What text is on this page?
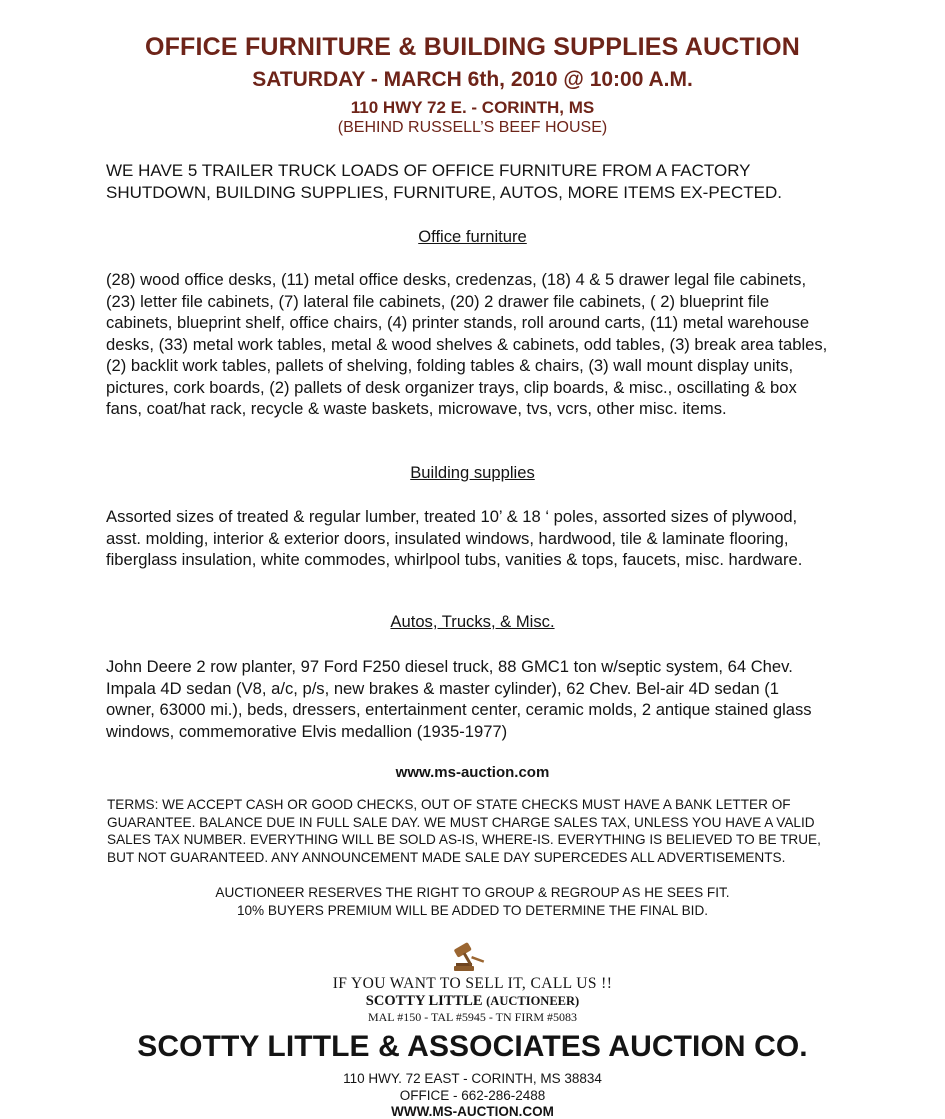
OFFICE FURNITURE & BUILDING SUPPLIES AUCTION
SATURDAY - MARCH 6th, 2010 @ 10:00 A.M.
110 HWY 72 E. - CORINTH, MS
(BEHIND RUSSELL’S BEEF HOUSE)
WE HAVE 5 TRAILER TRUCK LOADS OF OFFICE FURNITURE FROM A FACTORY SHUTDOWN, BUILDING SUPPLIES, FURNITURE, AUTOS, MORE ITEMS EX-PECTED.
Office furniture
(28) wood office desks, (11) metal office desks, credenzas, (18) 4 & 5 drawer legal file cabinets, (23) letter file cabinets, (7) lateral file cabinets, (20) 2 drawer file cabinets, ( 2) blueprint file cabinets, blueprint shelf, office chairs, (4) printer stands, roll around carts, (11) metal warehouse desks, (33) metal work tables, metal & wood shelves & cabinets, odd tables, (3) break area tables, (2) backlit work tables, pallets of shelving, folding tables & chairs, (3) wall mount display units, pictures, cork boards, (2) pallets of desk organizer trays, clip boards, & misc., oscillating & box fans, coat/hat rack, recycle & waste baskets, microwave, tvs, vcrs, other misc. items.
Building supplies
Assorted sizes of treated & regular lumber, treated 10’ & 18 ‘ poles, assorted sizes of plywood, asst. molding, interior & exterior doors, insulated windows, hardwood, tile & laminate flooring, fiberglass insulation, white commodes, whirlpool tubs, vanities & tops, faucets, misc. hardware.
Autos, Trucks, & Misc.
John Deere 2 row planter, 97 Ford F250 diesel truck, 88 GMC1 ton w/septic system, 64 Chev. Impala 4D sedan (V8, a/c, p/s, new brakes & master cylinder), 62 Chev. Bel-air 4D sedan (1 owner, 63000 mi.), beds, dressers, entertainment center, ceramic molds, 2 antique stained glass windows, commemorative Elvis medallion (1935-1977)
www.ms-auction.com
TERMS: WE ACCEPT CASH OR GOOD CHECKS, OUT OF STATE CHECKS MUST HAVE A BANK LETTER OF GUARANTEE. BALANCE DUE IN FULL SALE DAY. WE MUST CHARGE SALES TAX, UNLESS YOU HAVE A VALID SALES TAX NUMBER. EVERYTHING WILL BE SOLD AS-IS, WHERE-IS. EVERYTHING IS BELIEVED TO BE TRUE, BUT NOT GUARANTEED. ANY ANNOUNCEMENT MADE SALE DAY SUPERCEDES ALL ADVERTISEMENTS.
AUCTIONEER RESERVES THE RIGHT TO GROUP & REGROUP AS HE SEES FIT.
10% BUYERS PREMIUM WILL BE ADDED TO DETERMINE THE FINAL BID.
IF YOU WANT TO SELL IT, CALL US !!
SCOTTY LITTLE (AUCTIONEER)
MAL #150 - TAL #5945 - TN FIRM #5083
SCOTTY LITTLE & ASSOCIATES AUCTION CO.
110 HWY. 72 EAST - CORINTH, MS 38834
OFFICE - 662-286-2488
WWW.MS-AUCTION.COM
